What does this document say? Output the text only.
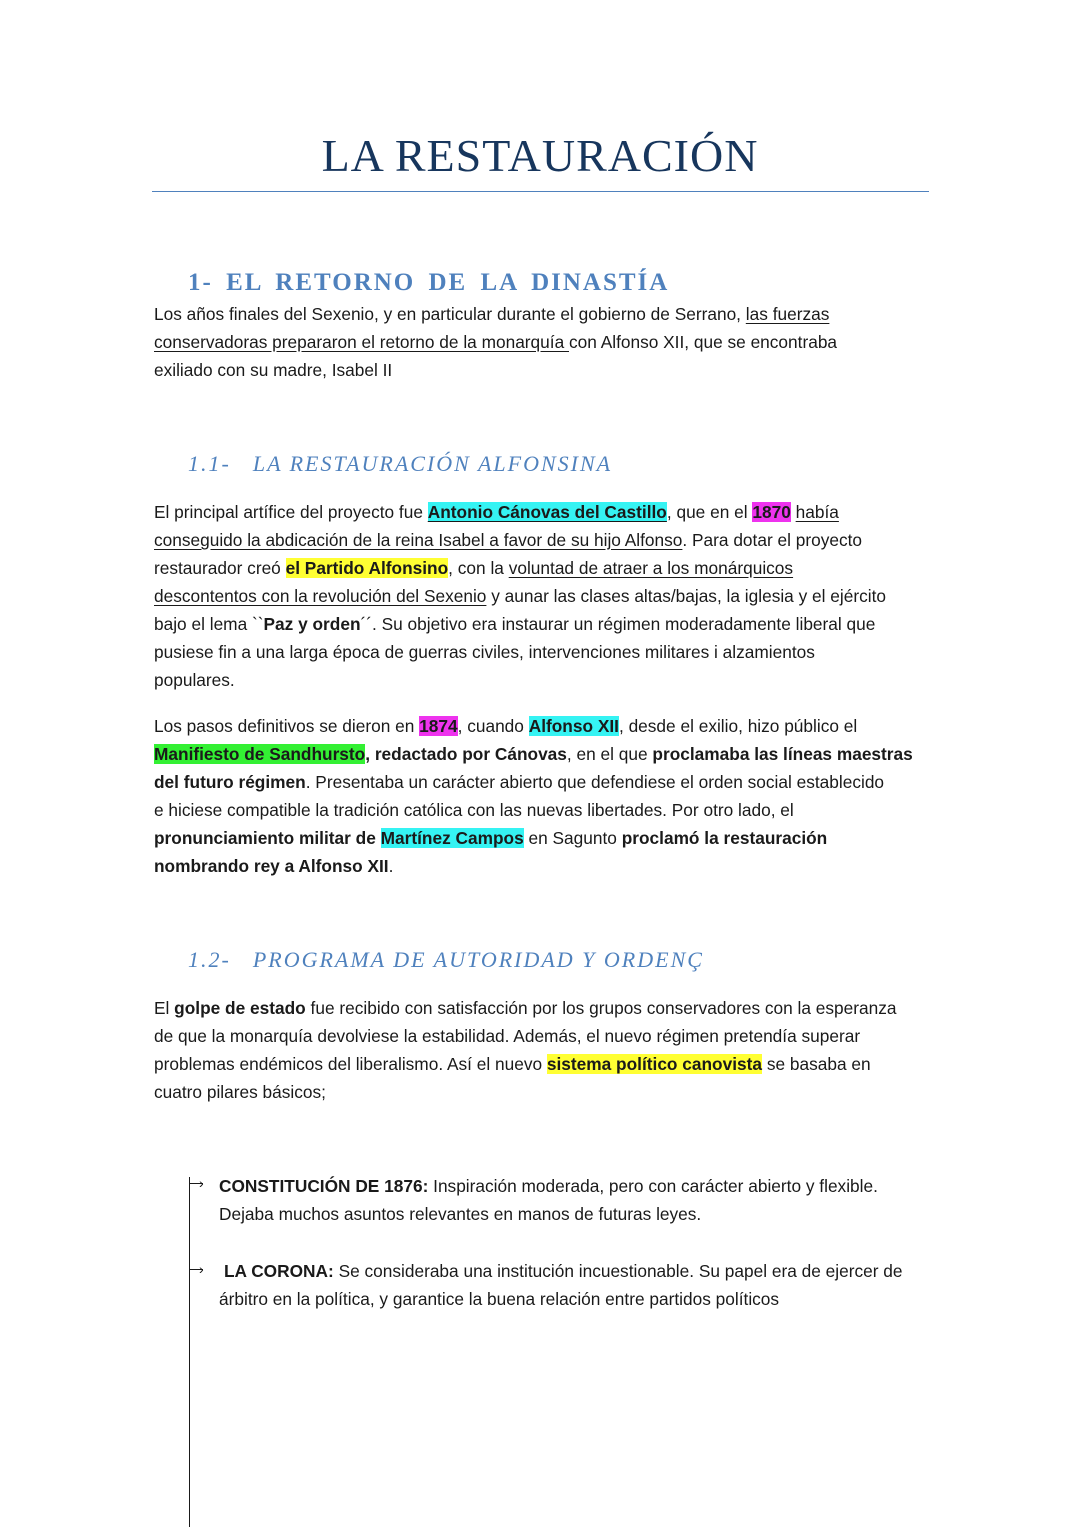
LA RESTAURACIÓN
1- EL RETORNO DE LA DINASTÍA

Los años finales del Sexenio, y en particular durante el gobierno de Serrano, las fuerzas

conservadoras prepararon el retorno de la monarquía con Alfonso XII, que se encontraba

exiliado con su madre, Isabel II

1.1- LA RESTAURACIÓN ALFONSINA

El principal artífice del proyecto fue Antonio Cánovas del Castillo, que en el 1870 había

conseguido la abdicación de la reina Isabel a favor de su hijo Alfonso. Para dotar el proyecto

restaurador creó el Partido Alfonsino, con la voluntad de atraer a los monárquicos

descontentos con la revolución del Sexenio y aunar las clases altas/bajas, la iglesia y el ejército

bajo el lema ``Paz y orden´´. Su objetivo era instaurar un régimen moderadamente liberal que

pusiese fin a una larga época de guerras civiles, intervenciones militares i alzamientos

populares.

Los pasos definitivos se dieron en 1874, cuando Alfonso XII, desde el exilio, hizo público el

Manifiesto de Sandhursto, redactado por Cánovas, en el que proclamaba las líneas maestras

del futuro régimen. Presentaba un carácter abierto que defendiese el orden social establecido

e hiciese compatible la tradición católica con las nuevas libertades. Por otro lado, el

pronunciamiento militar de Martínez Campos en Sagunto proclamó la restauración

nombrando rey a Alfonso XII.

1.2- PROGRAMA DE AUTORIDAD Y ORDENÇ

El golpe de estado fue recibido con satisfacción por los grupos conservadores con la esperanza

de que la monarquía devolviese la estabilidad. Además, el nuevo régimen pretendía superar

problemas endémicos del liberalismo. Así el nuevo sistema político canovista se basaba en

cuatro pilares básicos;

›
›

CONSTITUCIÓN DE 1876: Inspiración moderada, pero con carácter abierto y flexible.

Dejaba muchos asuntos relevantes en manos de futuras leyes.

LA CORONA: Se consideraba una institución incuestionable. Su papel era de ejercer de

árbitro en la política, y garantice la buena relación entre partidos políticos
